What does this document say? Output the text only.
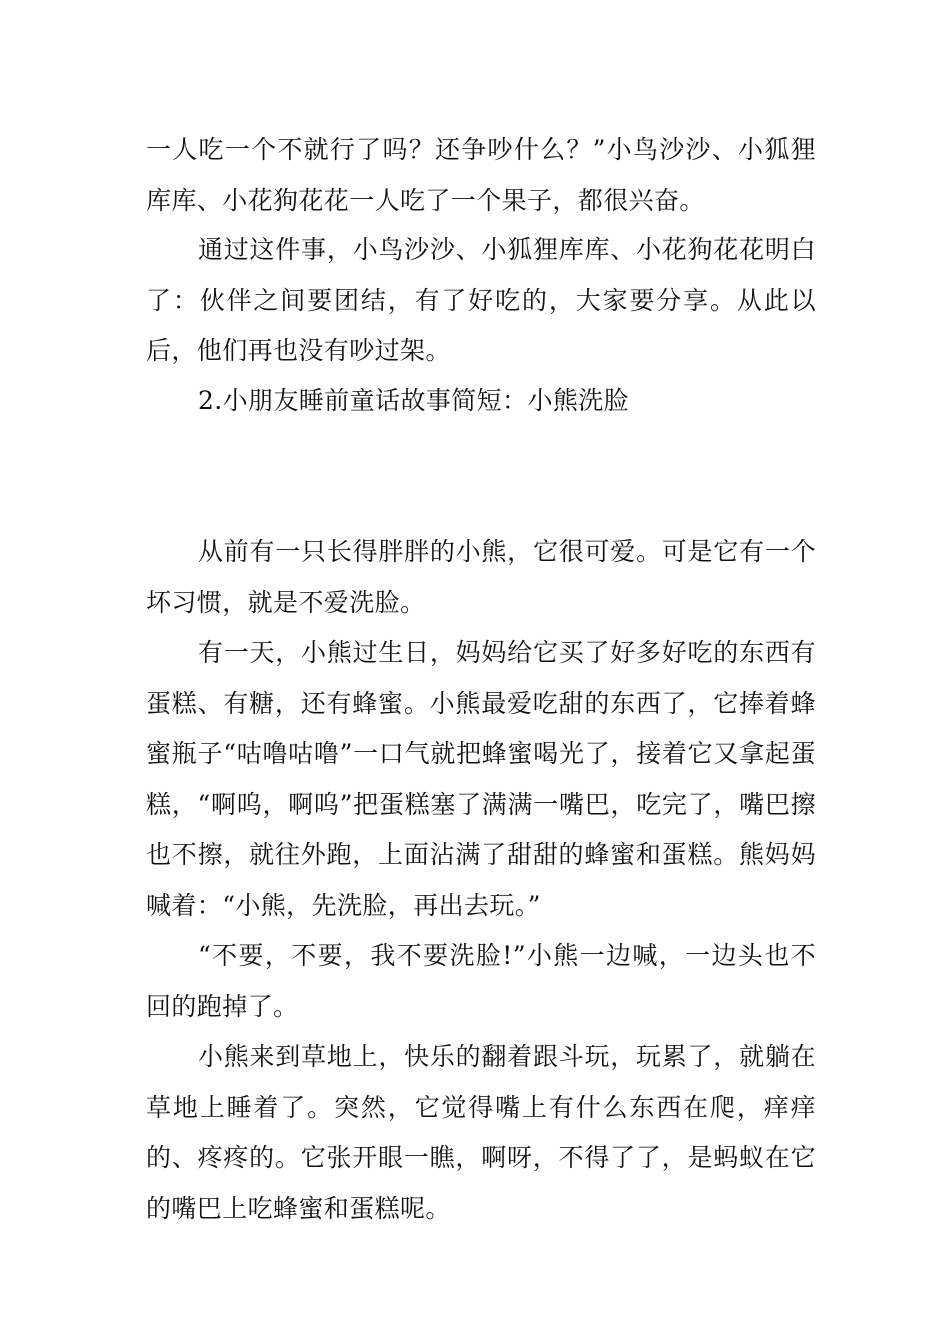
一人吃一个不就行了吗？还争吵什么？”小鸟沙沙、小狐狸库库、小花狗花花一人吃了一个果子，都很兴奋。

通过这件事，小鸟沙沙、小狐狸库库、小花狗花花明白了：伙伴之间要团结，有了好吃的，大家要分享。从此以后，他们再也没有吵过架。

2.小朋友睡前童话故事简短：小熊洗脸

从前有一只长得胖胖的小熊，它很可爱。可是它有一个坏习惯，就是不爱洗脸。

有一天，小熊过生日，妈妈给它买了好多好吃的东西有蛋糕、有糖，还有蜂蜜。小熊最爱吃甜的东西了，它捧着蜂蜜瓶子“咕噜咕噜”一口气就把蜂蜜喝光了，接着它又拿起蛋糕，“啊呜，啊呜”把蛋糕塞了满满一嘴巴，吃完了，嘴巴擦也不擦，就往外跑，上面沾满了甜甜的蜂蜜和蛋糕。熊妈妈喊着：“小熊，先洗脸，再出去玩。”

“不要，不要，我不要洗脸!”小熊一边喊，一边头也不回的跑掉了。

小熊来到草地上，快乐的翻着跟斗玩，玩累了，就躺在草地上睡着了。突然，它觉得嘴上有什么东西在爬，痒痒的、疼疼的。它张开眼一瞧，啊呀，不得了了，是蚂蚁在它的嘴巴上吃蜂蜜和蛋糕呢。
